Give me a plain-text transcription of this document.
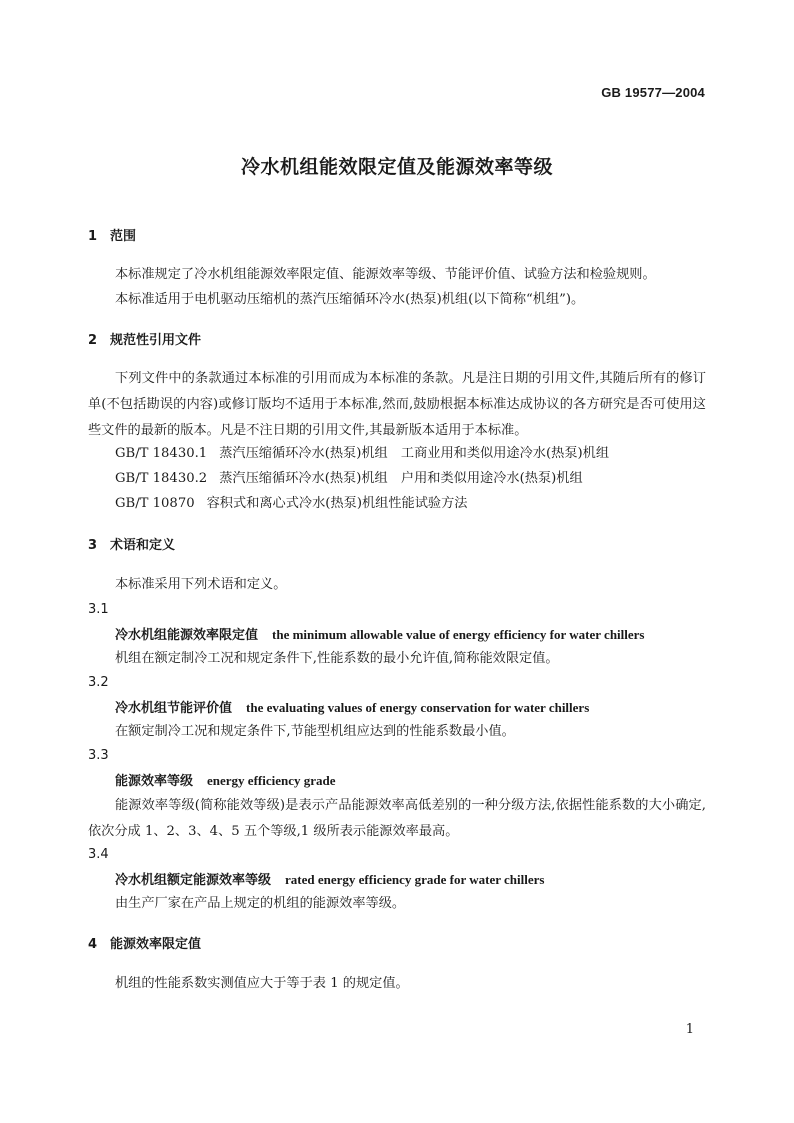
GB 19577—2004
冷水机组能效限定值及能源效率等级
1 范围

本标准规定了冷水机组能源效率限定值、能源效率等级、节能评价值、试验方法和检验规则。

本标准适用于电机驱动压缩机的蒸汽压缩循环冷水(热泵)机组(以下简称“机组”)。

2 规范性引用文件

下列文件中的条款通过本标准的引用而成为本标准的条款。凡是注日期的引用文件,其随后所有的修订单(不包括勘误的内容)或修订版均不适用于本标准,然而,鼓励根据本标准达成协议的各方研究是否可使用这些文件的最新的版本。凡是不注日期的引用文件,其最新版本适用于本标准。

GB/T 18430.1 蒸汽压缩循环冷水(热泵)机组　工商业用和类似用途冷水(热泵)机组
GB/T 18430.2 蒸汽压缩循环冷水(热泵)机组　户用和类似用途冷水(热泵)机组
GB/T 10870 容积式和离心式冷水(热泵)机组性能试验方法
3 术语和定义
本标准采用下列术语和定义。
3.1
冷水机组能源效率限定值 the minimum allowable value of energy efficiency for water chillers
机组在额定制冷工况和规定条件下,性能系数的最小允许值,简称能效限定值。
3.2
冷水机组节能评价值 the evaluating values of energy conservation for water chillers
在额定制冷工况和规定条件下,节能型机组应达到的性能系数最小值。
3.3
能源效率等级 energy efficiency grade

能源效率等级(简称能效等级)是表示产品能源效率高低差别的一种分级方法,依据性能系数的大小确定,依次分成 1、2、3、4、5 五个等级,1 级所表示能源效率最高。

3.4
冷水机组额定能源效率等级 rated energy efficiency grade for water chillers
由生产厂家在产品上规定的机组的能源效率等级。
4 能源效率限定值
机组的性能系数实测值应大于等于表 1 的规定值。
1
